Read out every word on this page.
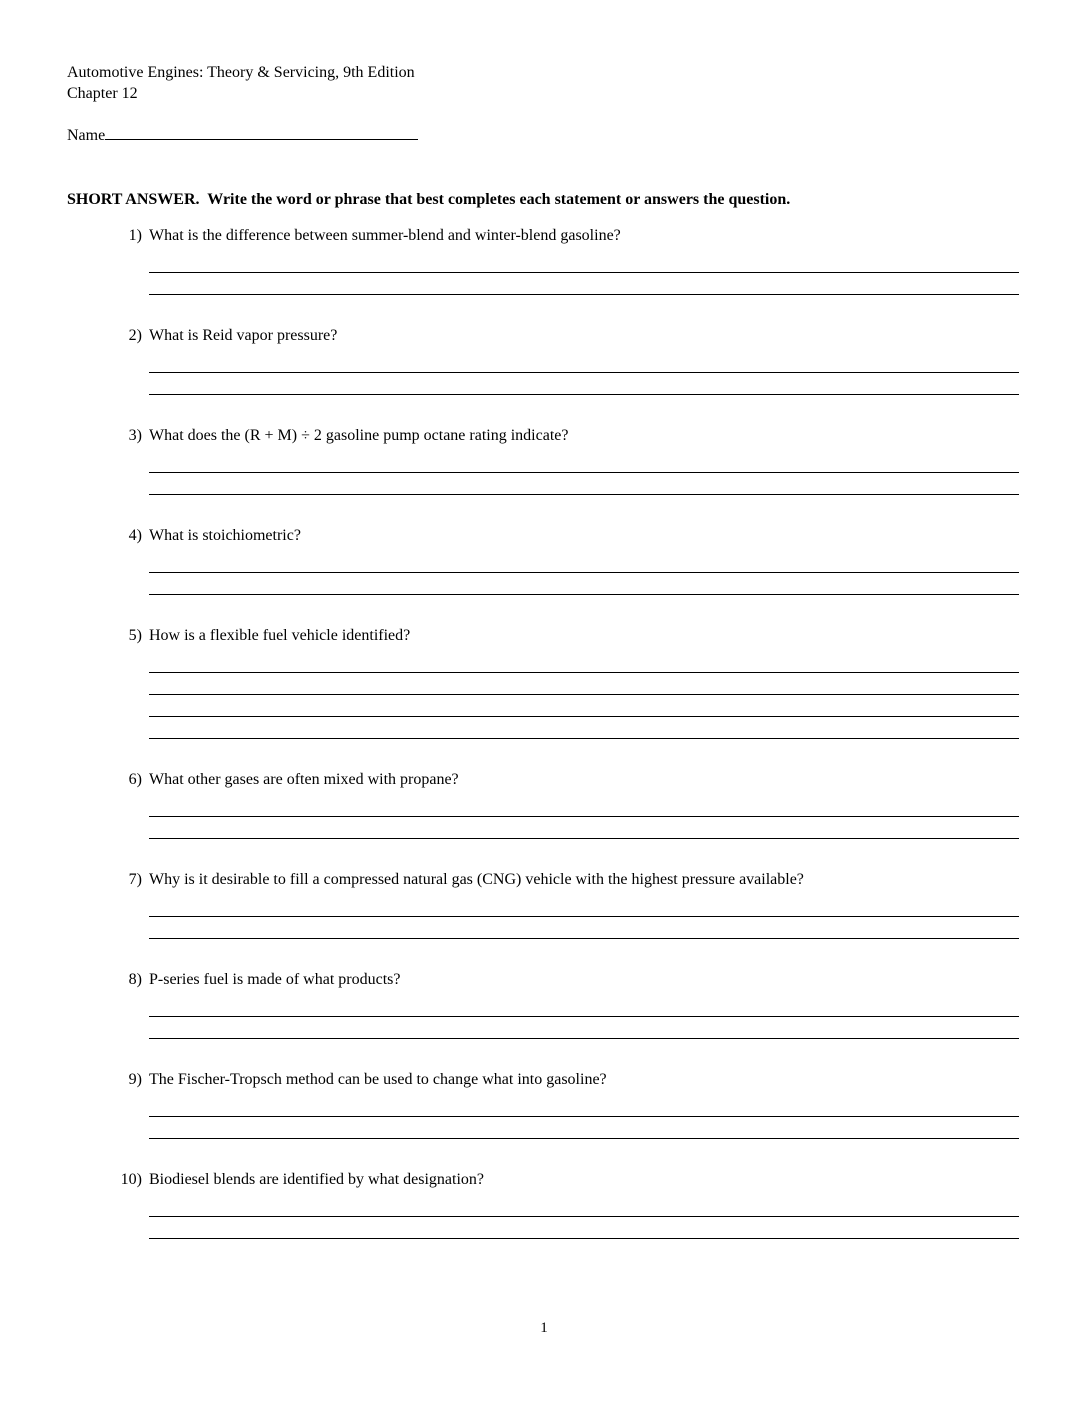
Automotive Engines: Theory & Servicing, 9th Edition
Chapter 12
Name
SHORT ANSWER.  Write the word or phrase that best completes each statement or answers the question.
1) What is the difference between summer-blend and winter-blend gasoline?
2) What is Reid vapor pressure?
3) What does the (R + M) ÷ 2 gasoline pump octane rating indicate?
4) What is stoichiometric?
5) How is a flexible fuel vehicle identified?
6) What other gases are often mixed with propane?
7) Why is it desirable to fill a compressed natural gas (CNG) vehicle with the highest pressure available?
8) P-series fuel is made of what products?
9) The Fischer-Tropsch method can be used to change what into gasoline?
10) Biodiesel blends are identified by what designation?
1
